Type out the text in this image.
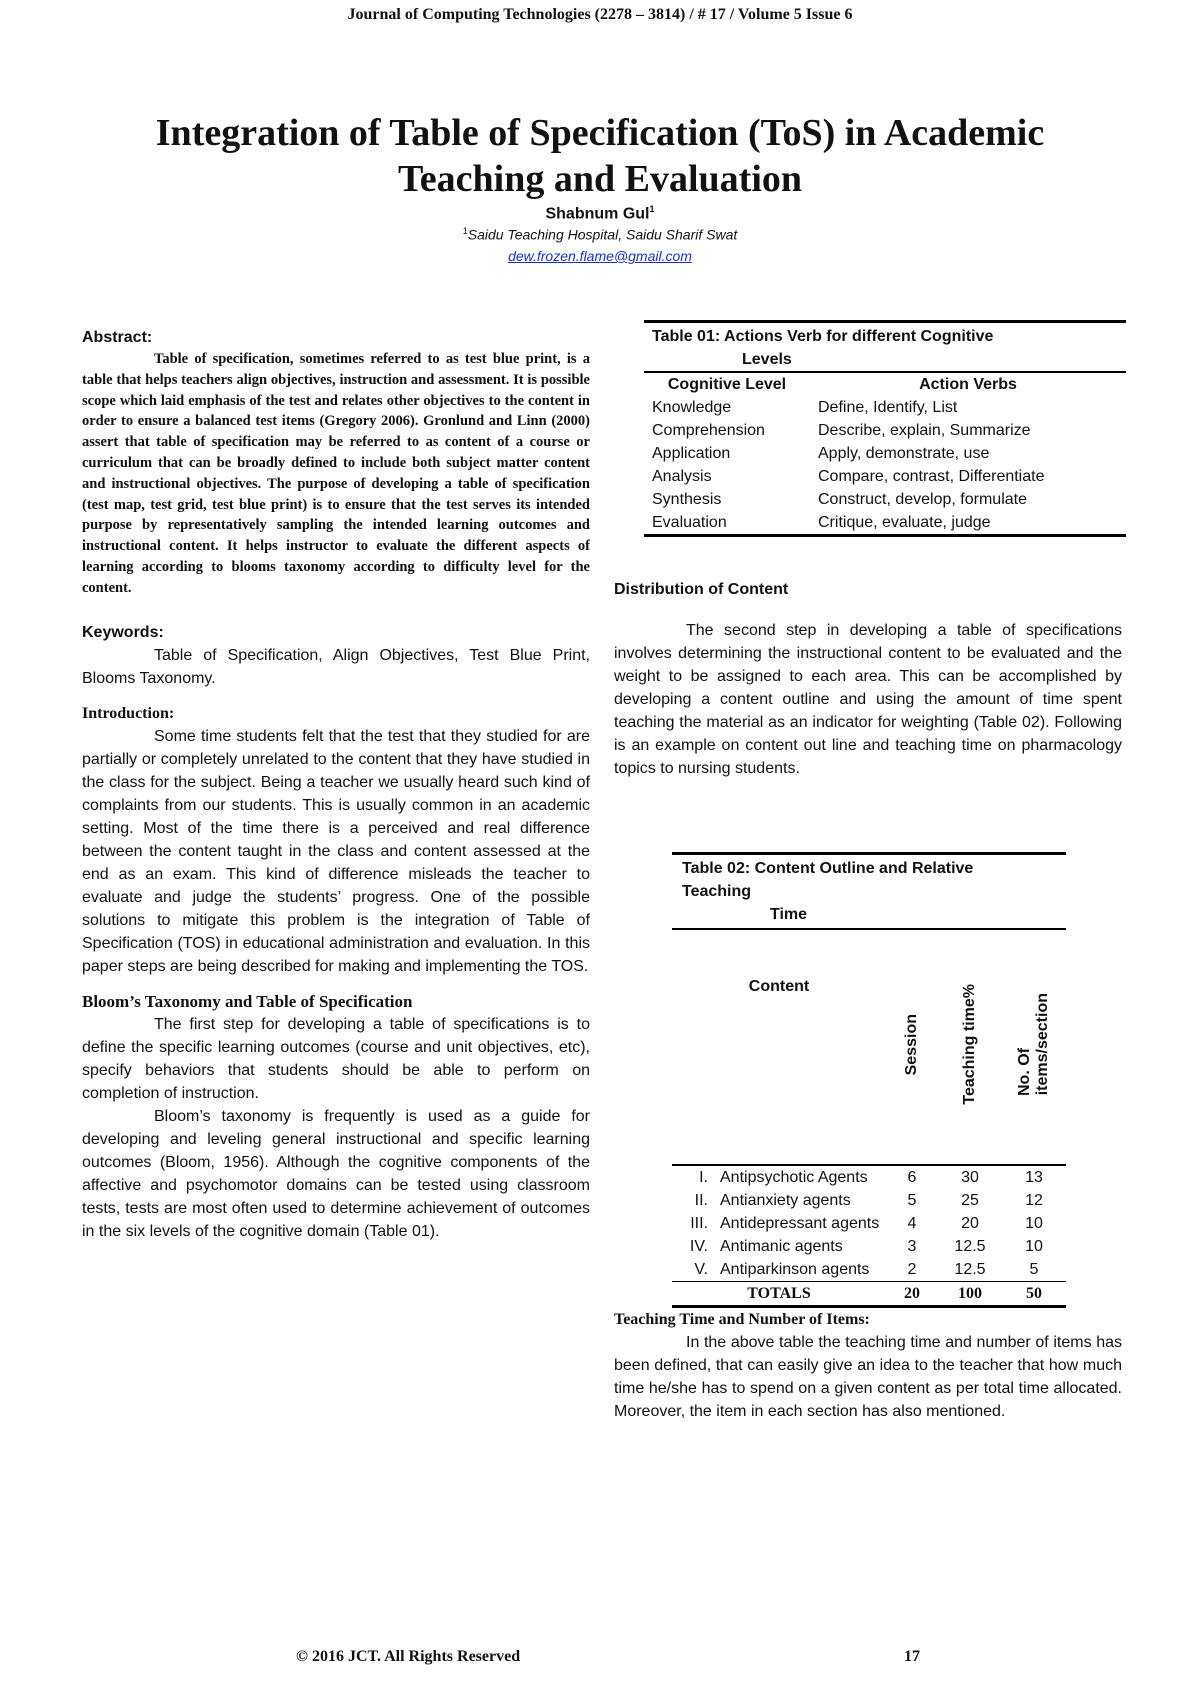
Journal of Computing Technologies (2278 – 3814) / # 17 / Volume 5 Issue 6
Integration of Table of Specification (ToS) in Academic
Teaching and Evaluation
Shabnum Gul$^1$
$^1$Saidu Teaching Hospital, Saidu Sharif Swat
dew.frozen.flame@gmail.com
Abstract:
Table of specification, sometimes referred to as test blue print, is a table that helps teachers align objectives, instruction and assessment. It is possible scope which laid emphasis of the test and relates other objectives to the content in order to ensure a balanced test items (Gregory 2006). Gronlund and Linn (2000) assert that table of specification may be referred to as content of a course or curriculum that can be broadly defined to include both subject matter content and instructional objectives. The purpose of developing a table of specification (test map, test grid, test blue print) is to ensure that the test serves its intended purpose by representatively sampling the intended learning outcomes and instructional content. It helps instructor to evaluate the different aspects of learning according to blooms taxonomy according to difficulty level for the content.
Keywords:
Table of Specification, Align Objectives, Test Blue Print, Blooms Taxonomy.
Introduction:
Some time students felt that the test that they studied for are partially or completely unrelated to the content that they have studied in the class for the subject. Being a teacher we usually heard such kind of complaints from our students. This is usually common in an academic setting. Most of the time there is a perceived and real difference between the content taught in the class and content assessed at the end as an exam. This kind of difference misleads the teacher to evaluate and judge the students’ progress. One of the possible solutions to mitigate this problem is the integration of Table of Specification (TOS) in educational administration and evaluation. In this paper steps are being described for making and implementing the TOS.
Bloom’s Taxonomy and Table of Specification
The first step for developing a table of specifications is to define the specific learning outcomes (course and unit objectives, etc), specify behaviors that students should be able to perform on completion of instruction.
Bloom’s taxonomy is frequently is used as a guide for developing and leveling general instructional and specific learning outcomes (Bloom, 1956). Although the cognitive components of the affective and psychomotor domains can be tested using classroom tests, tests are most often used to determine achievement of outcomes in the six levels of the cognitive domain (Table 01).
Table 01: Actions Verb for different Cognitive	
Levels	
Cognitive Level	Action Verbs
Knowledge	Define, Identify, List
Comprehension	Describe, explain, Summarize
Application	Apply, demonstrate, use
Analysis	Compare, contrast, Differentiate
Synthesis	Construct, develop, formulate
Evaluation	Critique, evaluate, judge
Distribution of Content
The second step in developing a table of specifications involves determining the instructional content to be evaluated and the weight to be assigned to each area. This can be accomplished by developing a content outline and using the amount of time spent teaching the material as an indicator for weighting (Table 02). Following is an example on content out line and teaching time on pharmacology topics to nursing students.
Table 02: Content Outline and Relative
Teaching
Time				

Content		Session	Teaching time%	No. Ofitems/section
I.	Antipsychotic Agents	6	30	13
II.	Antianxiety agents	5	25	12
III.	Antidepressant agents	4	20	10
IV.	Antimanic agents	3	12.5	10
V.	Antiparkinson agents	2	12.5	5
TOTALS		20	100	50
Teaching Time and Number of Items:
In the above table the teaching time and number of items has been defined, that can easily give an idea to the teacher that how much time he/she has to spend on a given content as per total time allocated. Moreover, the item in each section has also mentioned.
© 2016 JCT. All Rights Reserved	17
